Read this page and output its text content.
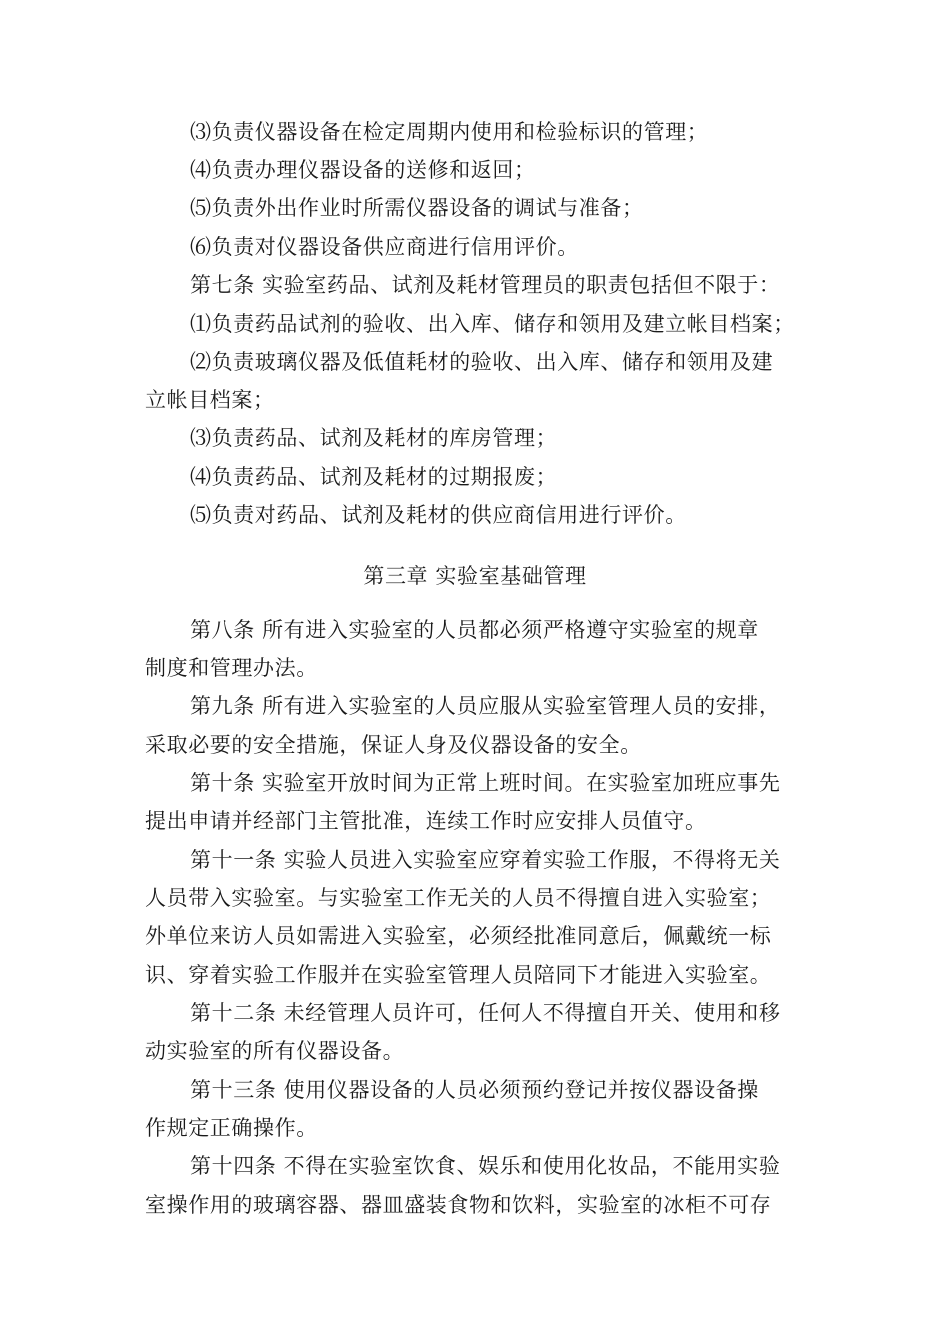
⑶负责仪器设备在检定周期内使用和检验标识的管理；
⑷负责办理仪器设备的送修和返回；
⑸负责外出作业时所需仪器设备的调试与准备；
⑹负责对仪器设备供应商进行信用评价。
第七条 实验室药品、试剂及耗材管理员的职责包括但不限于：
⑴负责药品试剂的验收、出入库、储存和领用及建立帐目档案；
⑵负责玻璃仪器及低值耗材的验收、出入库、储存和领用及建
立帐目档案；
⑶负责药品、试剂及耗材的库房管理；
⑷负责药品、试剂及耗材的过期报废；
⑸负责对药品、试剂及耗材的供应商信用进行评价。
第三章 实验室基础管理
第八条 所有进入实验室的人员都必须严格遵守实验室的规章
制度和管理办法。
第九条 所有进入实验室的人员应服从实验室管理人员的安排，
采取必要的安全措施，保证人身及仪器设备的安全。
第十条 实验室开放时间为正常上班时间。在实验室加班应事先
提出申请并经部门主管批准，连续工作时应安排人员值守。
第十一条 实验人员进入实验室应穿着实验工作服，不得将无关
人员带入实验室。与实验室工作无关的人员不得擅自进入实验室；
外单位来访人员如需进入实验室，必须经批准同意后，佩戴统一标
识、穿着实验工作服并在实验室管理人员陪同下才能进入实验室。
第十二条 未经管理人员许可，任何人不得擅自开关、使用和移
动实验室的所有仪器设备。
第十三条 使用仪器设备的人员必须预约登记并按仪器设备操
作规定正确操作。
第十四条 不得在实验室饮食、娱乐和使用化妆品，不能用实验
室操作用的玻璃容器、器皿盛装食物和饮料，实验室的冰柜不可存
